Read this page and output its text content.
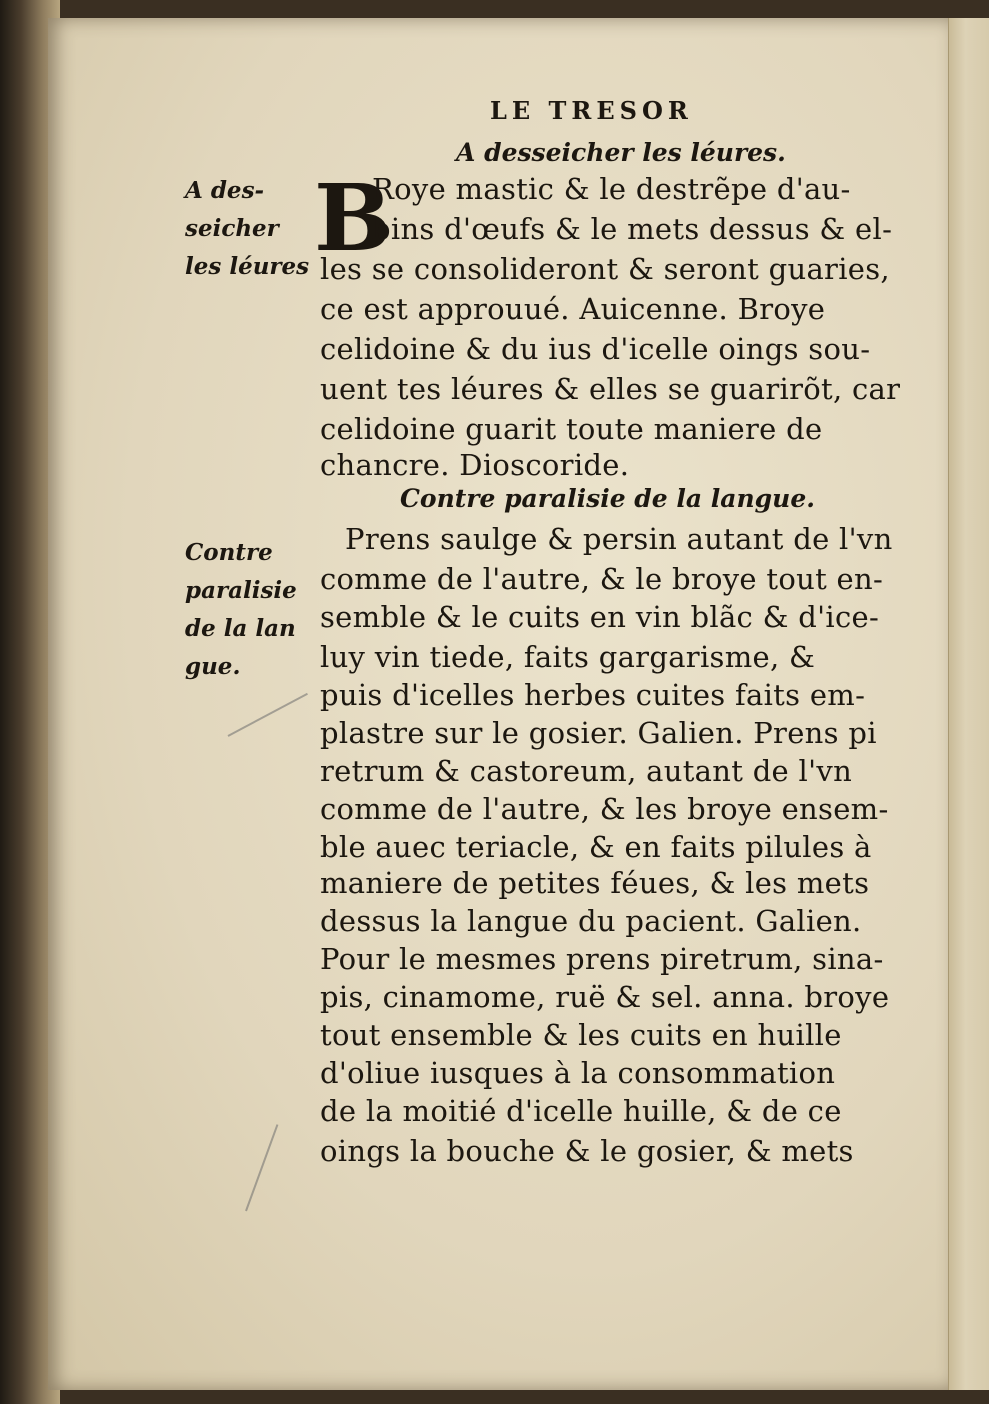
LE TRESOR
A desseicher les léures.
A des-
seicher
les léures B
Roye mastic & le destrẽpe d'au-
bins d'œufs & le mets dessus & el-
les se consolideront & seront guaries,
ce est approuué. Auicenne. Broye
celidoine & du ius d'icelle oings sou-
uent tes léures & elles se guarirõt, car
celidoine guarit toute maniere de
chancre. Dioscoride.
Contre paralisie de la langue.
Contre
paralisie
de la lan
gue.
Prens saulge & persin autant de l'vn
comme de l'autre, & le broye tout en-
semble & le cuits en vin blãc & d'ice-
luy vin tiede, faits gargarisme, &
puis d'icelles herbes cuites faits em-
plastre sur le gosier. Galien. Prens pi
retrum & castoreum, autant de l'vn
comme de l'autre, & les broye ensem-
ble auec teriacle, & en faits pilules à
maniere de petites féues, & les mets
dessus la langue du pacient. Galien.
Pour le mesmes prens piretrum, sina-
pis, cinamome, ruë & sel. anna. broye
tout ensemble & les cuits en huille
d'oliue iusques à la consommation
de la moitié d'icelle huille, & de ce
oings la bouche & le gosier, & mets
